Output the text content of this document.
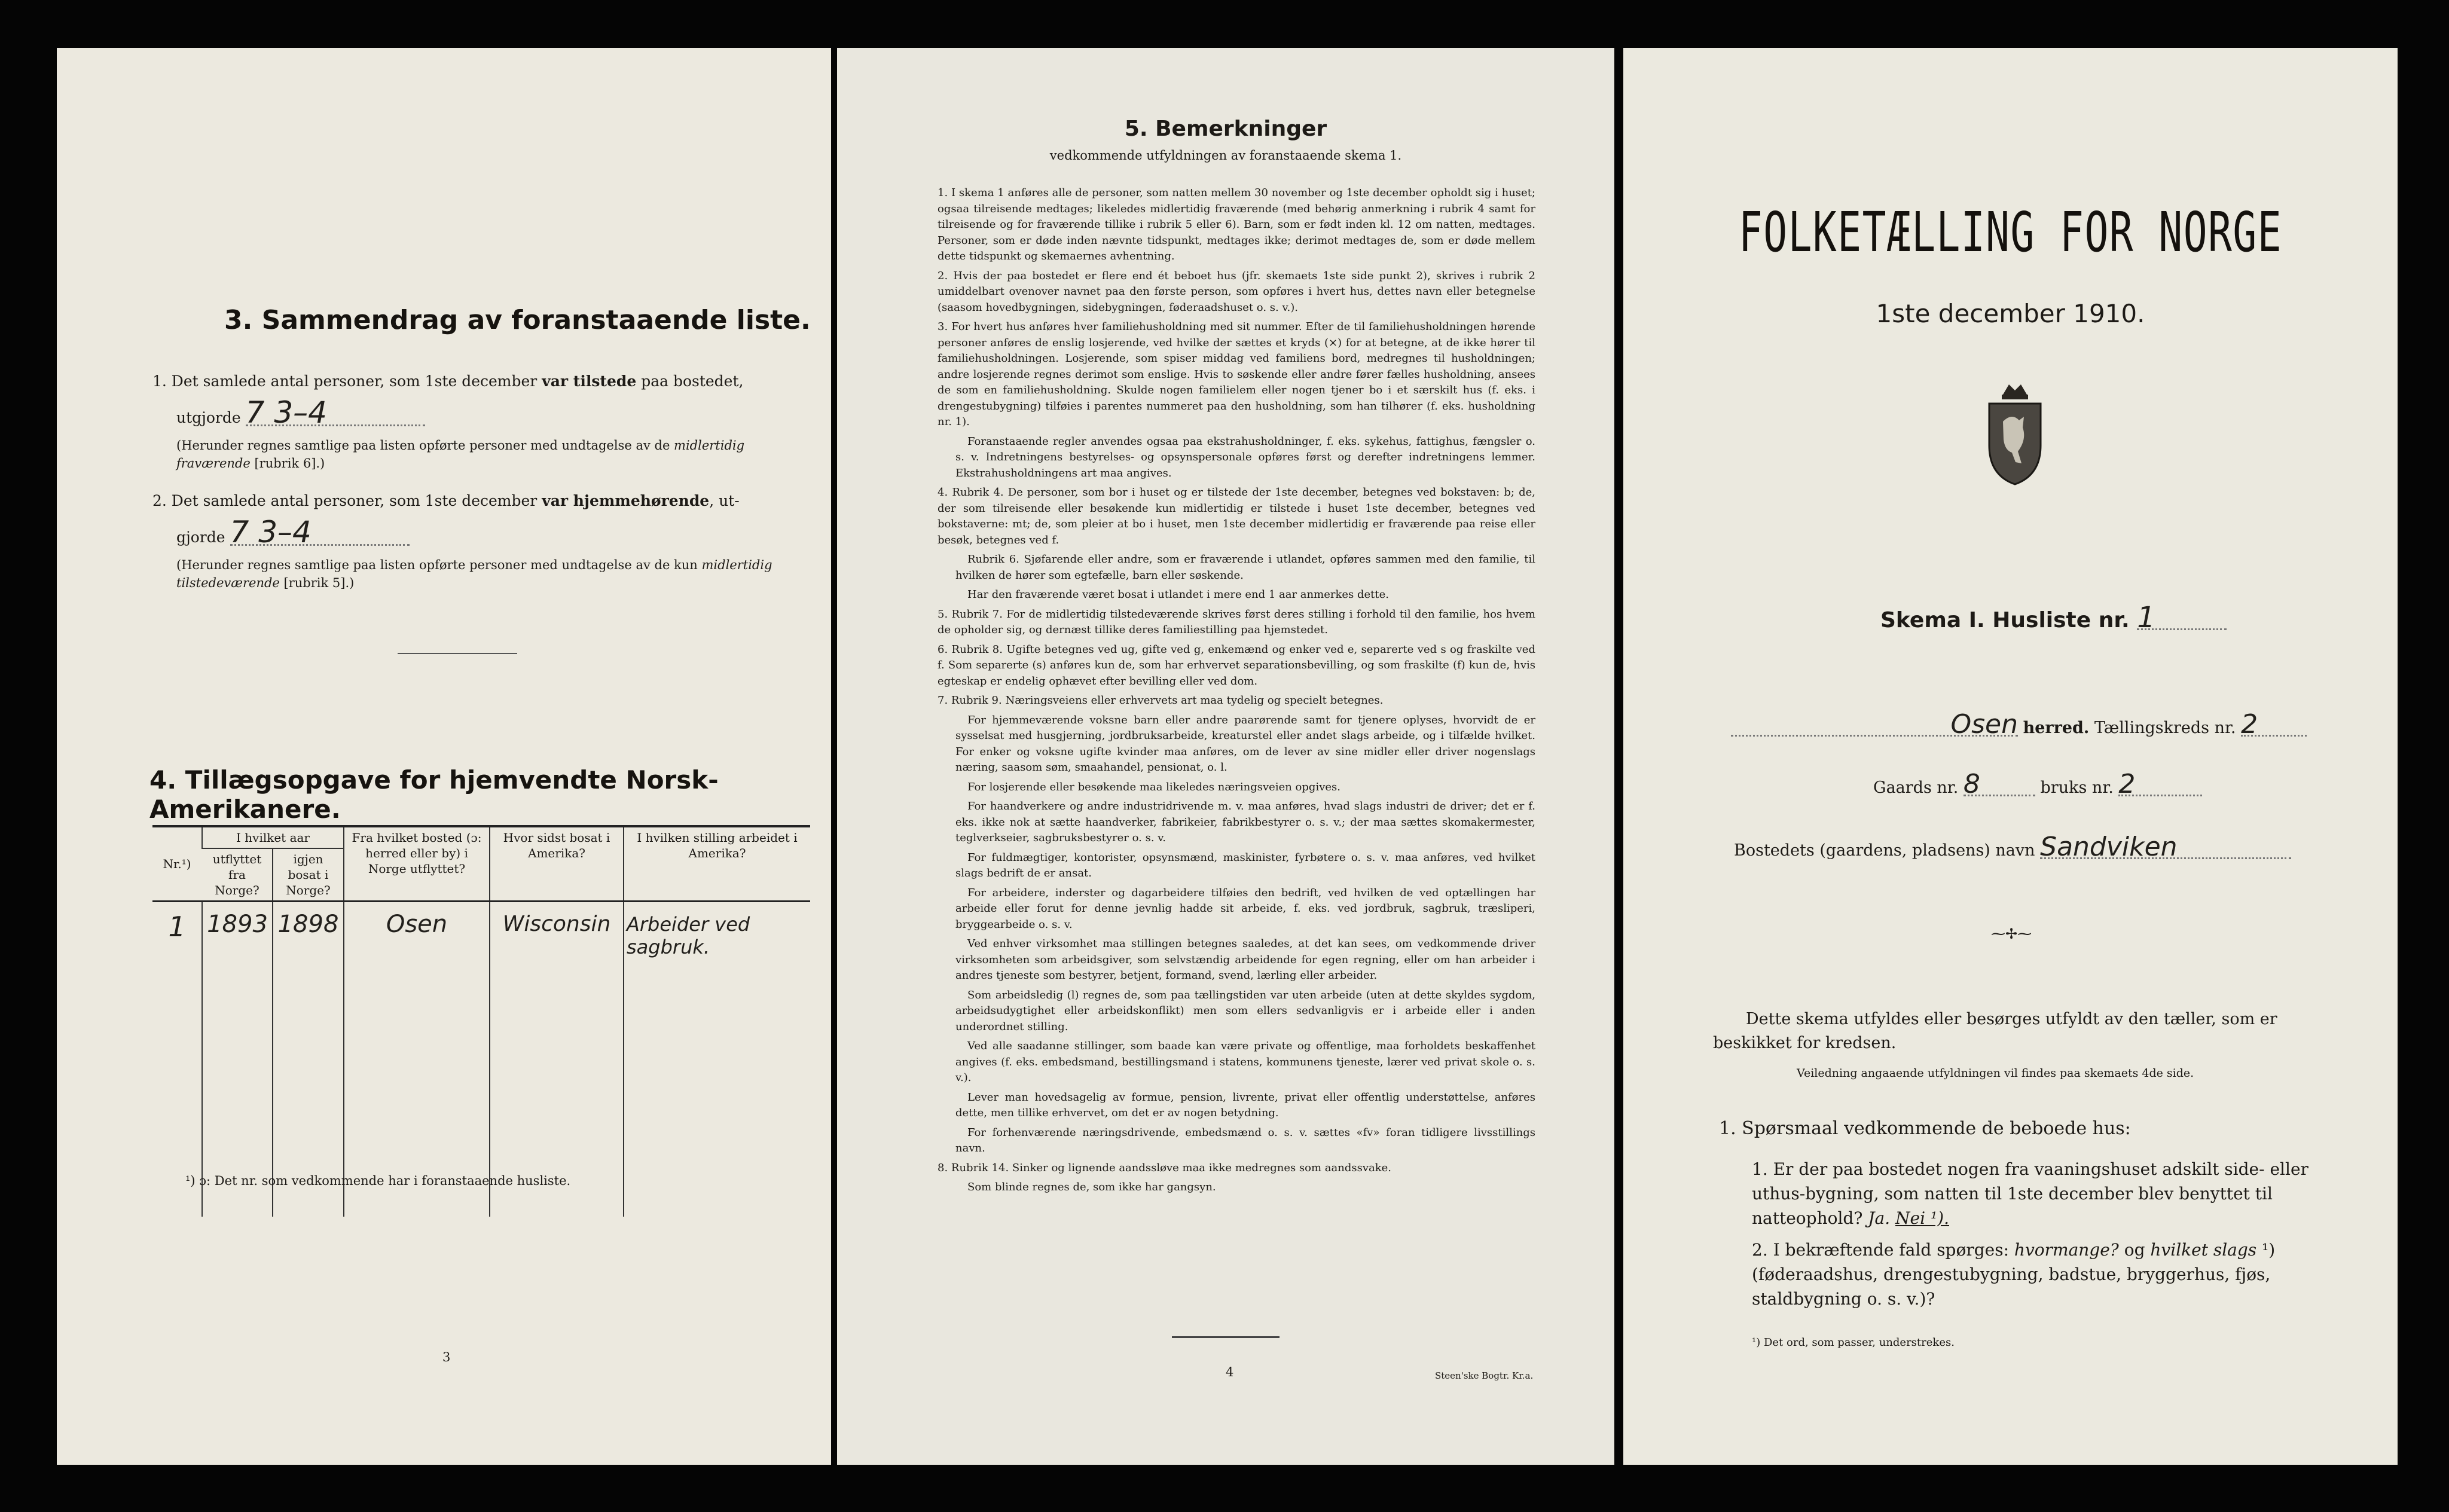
3. Sammendrag av foranstaaende liste.
1. Det samlede antal personer, som 1ste december var tilstede paa bostedet,
utgjorde 7 3–4
(Herunder regnes samtlige paa listen opførte personer med undtagelse av de midlertidig fraværende [rubrik 6].)
2. Det samlede antal personer, som 1ste december var hjemmehørende, ut-
gjorde 7 3–4
(Herunder regnes samtlige paa listen opførte personer med undtagelse av de kun midlertidig tilstedeværende [rubrik 5].)
4. Tillægsopgave for hjemvendte Norsk-Amerikanere.
Nr.¹)	I hvilket aar		Fra hvilket bosted (ɔ: herred eller by) i Norge utflyttet?	Hvor sidst bosat i Amerika?	I hvilken stilling arbeidet i Amerika?
	utflyttet fra Norge?	igjen bosat i Norge?			
1	1893	1898	Osen	Wisconsin	Arbeider ved sagbruk.

¹) ɔ: Det nr. som vedkommende har i foranstaaende husliste.
3
5. Bemerkninger
vedkommende utfyldningen av foranstaaende skema 1.
1. I skema 1 anføres alle de personer, som natten mellem 30 november og 1ste december opholdt sig i huset; ogsaa tilreisende medtages; likeledes midlertidig fraværende (med behørig anmerkning i rubrik 4 samt for tilreisende og for fraværende tillike i rubrik 5 eller 6). Barn, som er født inden kl. 12 om natten, medtages. Personer, som er døde inden nævnte tidspunkt, medtages ikke; derimot medtages de, som er døde mellem dette tidspunkt og skemaernes avhentning.
2. Hvis der paa bostedet er flere end ét beboet hus (jfr. skemaets 1ste side punkt 2), skrives i rubrik 2 umiddelbart ovenover navnet paa den første person, som opføres i hvert hus, dettes navn eller betegnelse (saasom hovedbygningen, sidebygningen, føderaadshuset o. s. v.).
3. For hvert hus anføres hver familiehusholdning med sit nummer. Efter de til familiehusholdningen hørende personer anføres de enslig losjerende, ved hvilke der sættes et kryds (×) for at betegne, at de ikke hører til familiehusholdningen. Losjerende, som spiser middag ved familiens bord, medregnes til husholdningen; andre losjerende regnes derimot som enslige. Hvis to søskende eller andre fører fælles husholdning, ansees de som en familiehusholdning. Skulde nogen familielem eller nogen tjener bo i et særskilt hus (f. eks. i drengestubygning) tilføies i parentes nummeret paa den husholdning, som han tilhører (f. eks. husholdning nr. 1).
Foranstaaende regler anvendes ogsaa paa ekstrahusholdninger, f. eks. sykehus, fattighus, fængsler o. s. v. Indretningens bestyrelses- og opsynspersonale opføres først og derefter indretningens lemmer. Ekstrahusholdningens art maa angives.
4. Rubrik 4. De personer, som bor i huset og er tilstede der 1ste december, betegnes ved bokstaven: b; de, der som tilreisende eller besøkende kun midlertidig er tilstede i huset 1ste december, betegnes ved bokstaverne: mt; de, som pleier at bo i huset, men 1ste december midlertidig er fraværende paa reise eller besøk, betegnes ved f.
Rubrik 6. Sjøfarende eller andre, som er fraværende i utlandet, opføres sammen med den familie, til hvilken de hører som egtefælle, barn eller søskende.
Har den fraværende været bosat i utlandet i mere end 1 aar anmerkes dette.
5. Rubrik 7. For de midlertidig tilstedeværende skrives først deres stilling i forhold til den familie, hos hvem de opholder sig, og dernæst tillike deres familiestilling paa hjemstedet.
6. Rubrik 8. Ugifte betegnes ved ug, gifte ved g, enkemænd og enker ved e, separerte ved s og fraskilte ved f. Som separerte (s) anføres kun de, som har erhvervet separationsbevilling, og som fraskilte (f) kun de, hvis egteskap er endelig ophævet efter bevilling eller ved dom.
7. Rubrik 9. Næringsveiens eller erhvervets art maa tydelig og specielt betegnes.
For hjemmeværende voksne barn eller andre paarørende samt for tjenere oplyses, hvorvidt de er sysselsat med husgjerning, jordbruksarbeide, kreaturstel eller andet slags arbeide, og i tilfælde hvilket. For enker og voksne ugifte kvinder maa anføres, om de lever av sine midler eller driver nogenslags næring, saasom søm, smaahandel, pensionat, o. l.
For losjerende eller besøkende maa likeledes næringsveien opgives.
For haandverkere og andre industridrivende m. v. maa anføres, hvad slags industri de driver; det er f. eks. ikke nok at sætte haandverker, fabrikeier, fabrikbestyrer o. s. v.; der maa sættes skomakermester, teglverkseier, sagbruksbestyrer o. s. v.
For fuldmægtiger, kontorister, opsynsmænd, maskinister, fyrbøtere o. s. v. maa anføres, ved hvilket slags bedrift de er ansat.
For arbeidere, inderster og dagarbeidere tilføies den bedrift, ved hvilken de ved optællingen har arbeide eller forut for denne jevnlig hadde sit arbeide, f. eks. ved jordbruk, sagbruk, træsliperi, bryggearbeide o. s. v.
Ved enhver virksomhet maa stillingen betegnes saaledes, at det kan sees, om vedkommende driver virksomheten som arbeidsgiver, som selvstændig arbeidende for egen regning, eller om han arbeider i andres tjeneste som bestyrer, betjent, formand, svend, lærling eller arbeider.
Som arbeidsledig (l) regnes de, som paa tællingstiden var uten arbeide (uten at dette skyldes sygdom, arbeidsudygtighet eller arbeidskonflikt) men som ellers sedvanligvis er i arbeide eller i anden underordnet stilling.
Ved alle saadanne stillinger, som baade kan være private og offentlige, maa forholdets beskaffenhet angives (f. eks. embedsmand, bestillingsmand i statens, kommunens tjeneste, lærer ved privat skole o. s. v.).
Lever man hovedsagelig av formue, pension, livrente, privat eller offentlig understøttelse, anføres dette, men tillike erhvervet, om det er av nogen betydning.
For forhenværende næringsdrivende, embedsmænd o. s. v. sættes «fv» foran tidligere livsstillings navn.
8. Rubrik 14. Sinker og lignende aandssløve maa ikke medregnes som aandssvake.
Som blinde regnes de, som ikke har gangsyn.
4	Steen'ske Bogtr. Kr.a.
FOLKETÆLLING FOR NORGE
1ste december 1910.
Skema I. Husliste nr. 1
Osen herred. Tællingskreds nr. 2
Gaards nr. 8	bruks nr. 2
Bostedets (gaardens, pladsens) navn Sandviken
⁓✢⁓
Dette skema utfyldes eller besørges utfyldt av den tæller, som er beskikket for kredsen.
Veiledning angaaende utfyldningen vil findes paa skemaets 4de side.
1. Spørsmaal vedkommende de beboede hus:
1. Er der paa bostedet nogen fra vaaningshuset adskilt side- eller uthus-bygning, som natten til 1ste december blev benyttet til natteophold? Ja. Nei ¹).
2. I bekræftende fald spørges: hvormange? og hvilket slags ¹) (føderaadshus, drengestubygning, badstue, bryggerhus, fjøs, staldbygning o. s. v.)?
¹) Det ord, som passer, understrekes.
